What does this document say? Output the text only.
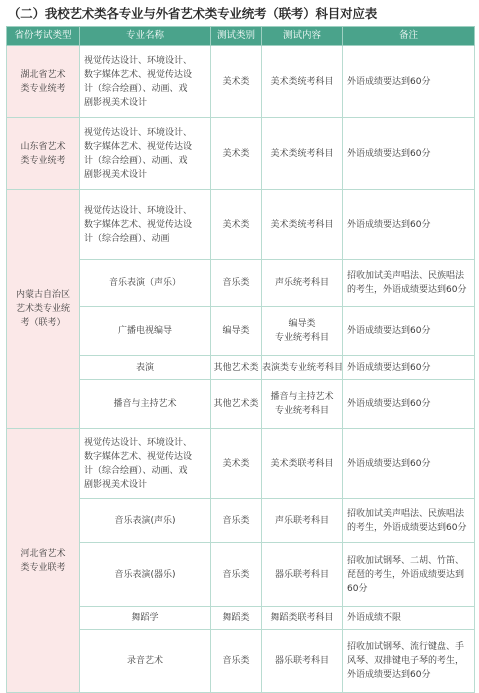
（二）我校艺术类各专业与外省艺术类专业统考（联考）科目对应表
省份考试类型	专业名称	测试类别	测试内容	备注
湖北省艺术
类专业统考	视觉传达设计、环境设计、
数字媒体艺术、视觉传达设
计（综合绘画）、动画、戏
剧影视美术设计	美术类	美术类统考科目	外语成绩要达到60分
山东省艺术
类专业统考	视觉传达设计、环境设计、
数字媒体艺术、视觉传达设
计（综合绘画）、动画、戏
剧影视美术设计	美术类	美术类统考科目	外语成绩要达到60分
内蒙古自治区
艺术类专业统
考（联考）	视觉传达设计、环境设计、
数字媒体艺术、视觉传达设
计（综合绘画）、动画	美术类	美术类统考科目	外语成绩要达到60分
	音乐表演（声乐）	音乐类	声乐统考科目	招收加试美声唱法、民族唱法
的考生，外语成绩要达到60分
	广播电视编导	编导类	编导类
专业统考科目	外语成绩要达到60分
	表演	其他艺术类	表演类专业统考科目	外语成绩要达到60分
	播音与主持艺术	其他艺术类	播音与主持艺术
专业统考科目	外语成绩要达到60分
河北省艺术
类专业联考	视觉传达设计、环境设计、
数字媒体艺术、视觉传达设
计（综合绘画）、动画、戏
剧影视美术设计	美术类	美术类联考科目	外语成绩要达到60分
	音乐表演(声乐)	音乐类	声乐联考科目	招收加试美声唱法、民族唱法
的考生，外语成绩要达到60分
	音乐表演(器乐)	音乐类	器乐联考科目	招收加试钢琴、二胡、竹笛、
琵琶的考生，外语成绩要达到
60分
	舞蹈学	舞蹈类	舞蹈类联考科目	外语成绩不限
	录音艺术	音乐类	器乐联考科目	招收加试钢琴、流行键盘、手
风琴、双排键电子琴的考生，
外语成绩要达到60分
